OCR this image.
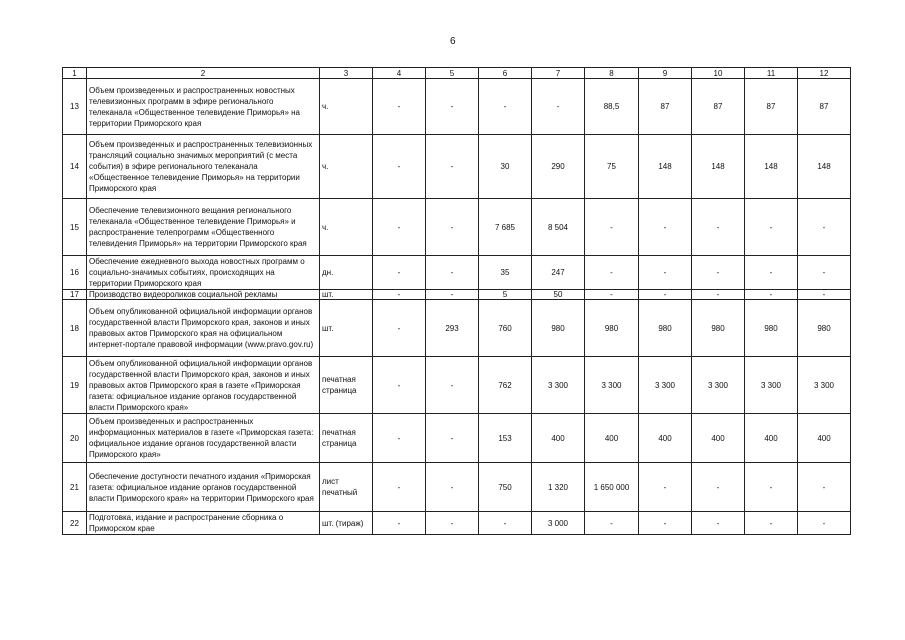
6
1	2	3	4	5	6	7	8	9	10	11	12
13	Объем произведенных и распространенных новостных телевизионных программ в эфире регионального телеканала «Общественное телевидение Приморья» на территории Приморского края	ч.	-	-	-	-	88,5	87	87	87	87
14	Объем произведенных и распространенных телевизионных трансляций социально значимых мероприятий (с места события) в эфире регионального телеканала «Общественное телевидение Приморья» на территории Приморского края	ч.	-	-	30	290	75	148	148	148	148
15	Обеспечение телевизионного вещания регионального телеканала «Общественное телевидение Приморья» и распространение телепрограмм «Общественного телевидения Приморья» на территории Приморского края	ч.	-	-	7 685	8 504	-	-	-	-	-
16	Обеспечение ежедневного выхода новостных программ о социально-значимых событиях, происходящих на территории Приморского края	дн.	-	-	35	247	-	-	-	-	-
17	Производство видеороликов социальной рекламы	шт.	-	-	5	50	-	-	-	-	-
18	Объем опубликованной официальной информации органов государственной власти Приморского края, законов и иных правовых актов Приморского края на официальном интернет-портале правовой информации (www.pravo.gov.ru)	шт.	-	293	760	980	980	980	980	980	980
19	Объем опубликованной официальной информации органов государственной власти Приморского края, законов и иных правовых актов Приморского края в газете «Приморская газета: официальное издание органов государственной власти Приморского края»	печатная страница	-	-	762	3 300	3 300	3 300	3 300	3 300	3 300
20	Объем произведенных и распространенных информационных материалов в газете «Приморская газета: официальное издание органов государственной власти Приморского края»	печатная страница	-	-	153	400	400	400	400	400	400
21	Обеспечение доступности печатного издания «Приморская газета: официальное издание органов государственной власти Приморского края» на территории Приморского края	лист печатный	-	-	750	1 320	1 650 000	-	-	-	-
22	Подготовка, издание и распространение сборника о Приморском крае	шт. (тираж)	-	-	-	3 000	-	-	-	-	-
